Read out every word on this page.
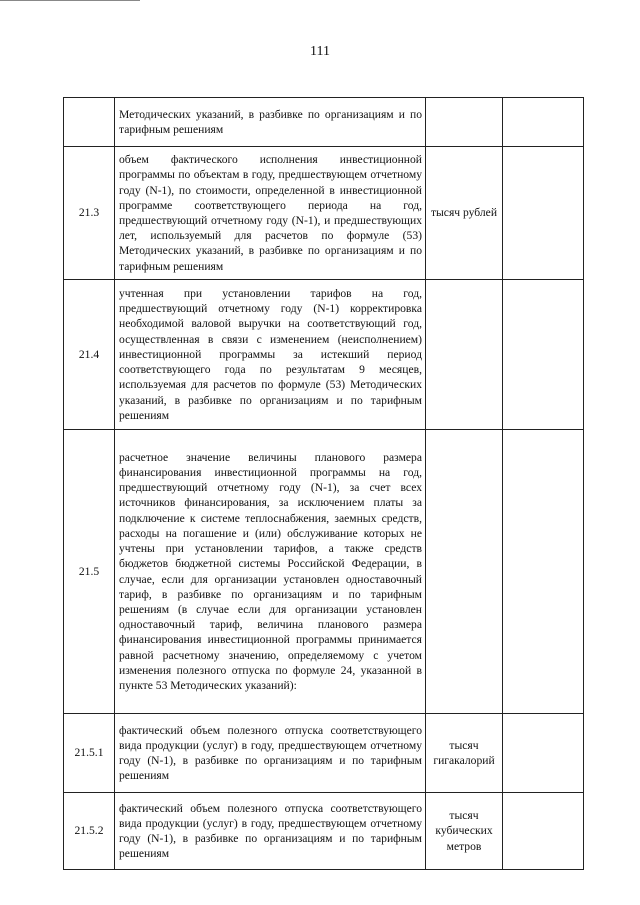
111
	Методических указаний, в разбивке по организациям и по тарифным решениям	

21.3	объем фактического исполнения инвестиционной программы по объектам в году, предшествующем отчетному году (N-1), по стоимости, определенной в инвестиционной программе соответствующего периода на год, предшествующий отчетному году (N-1), и предшествующих лет, используемый для расчетов по формуле (53) Методических указаний, в разбивке по организациям и по тарифным решениям	тысяч рублей	

21.4	учтенная при установлении тарифов на год, предшествующий отчетному году (N-1) корректировка необходимой валовой выручки на соответствующий год, осуществленная в связи с изменением (неисполнением) инвестиционной программы за истекший период соответствующего года по результатам 9 месяцев, используемая для расчетов по формуле (53) Методических указаний, в разбивке по организациям и по тарифным решениям	

21.5	расчетное значение величины планового размера финансирования инвестиционной программы на год, предшествующий отчетному году (N-1), за счет всех источников финансирования, за исключением платы за подключение к системе теплоснабжения, заемных средств, расходы на погашение и (или) обслуживание которых не учтены при установлении тарифов, а также средств бюджетов бюджетной системы Российской Федерации, в случае, если для организации установлен одноставочный тариф, в разбивке по организациям и по тарифным решениям (в случае если для организации установлен одноставочный тариф, величина планового размера финансирования инвестиционной программы принимается равной расчетному значению, определяемому с учетом изменения полезного отпуска по формуле 24, указанной в пункте 53 Методических указаний):	

21.5.1	фактический объем полезного отпуска соответствующего вида продукции (услуг) в году, предшествующем отчетному году (N-1), в разбивке по организациям и по тарифным решениям	тысяч гигакалорий	

21.5.2	фактический объем полезного отпуска соответствующего вида продукции (услуг) в году, предшествующем отчетному году (N-1), в разбивке по организациям и по тарифным решениям	тысяч кубических метров	
